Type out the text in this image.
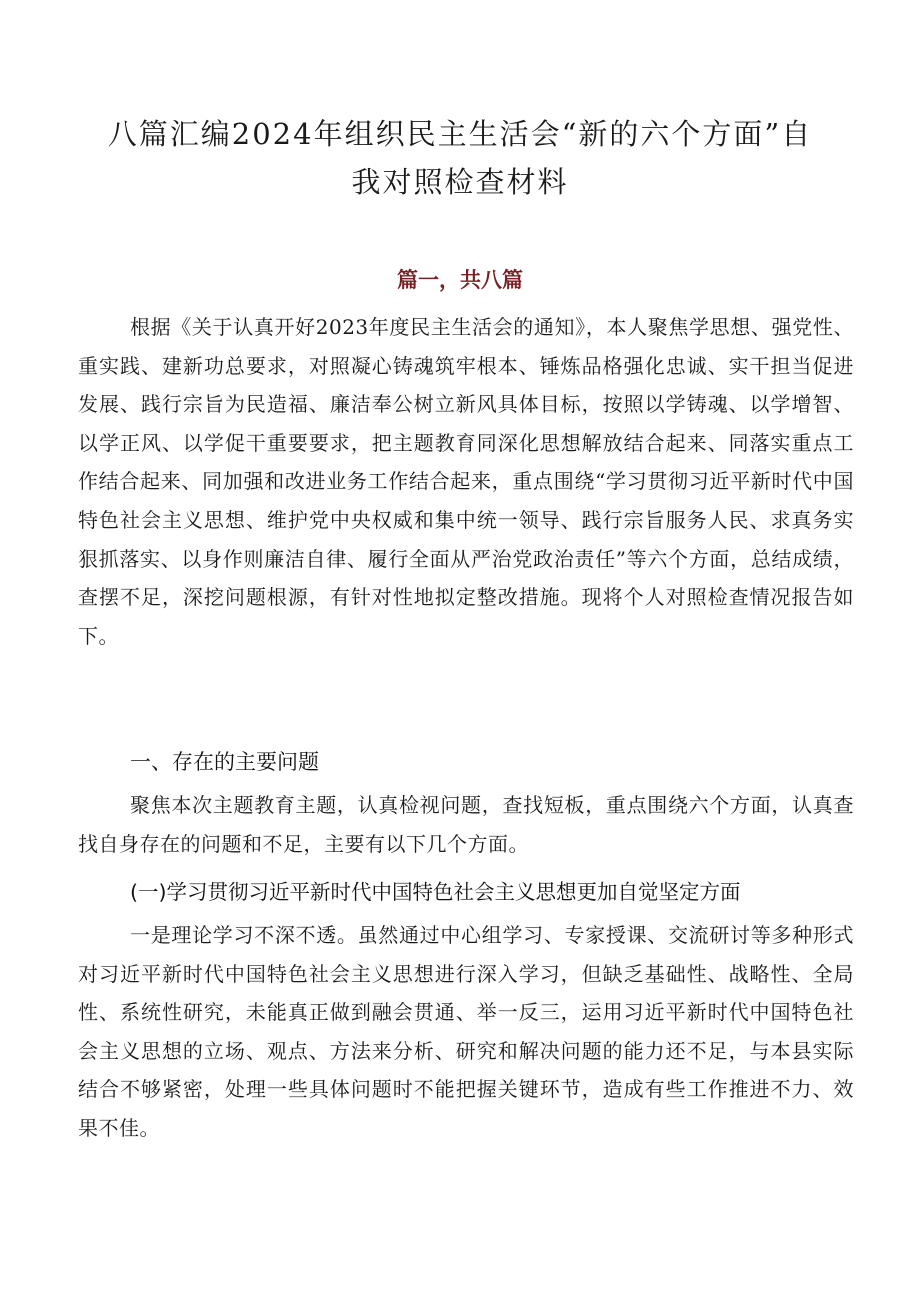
八篇汇编2024年组织民主生活会“新的六个方面”自
我对照检查材料
篇一，共八篇

根据《关于认真开好2023年度民主生活会的通知》，本人聚焦学思想、强党性、重实践、建新功总要求，对照凝心铸魂筑牢根本、锤炼品格强化忠诚、实干担当促进发展、践行宗旨为民造福、廉洁奉公树立新风具体目标，按照以学铸魂、以学增智、以学正风、以学促干重要要求，把主题教育同深化思想解放结合起来、同落实重点工作结合起来、同加强和改进业务工作结合起来，重点围绕“学习贯彻习近平新时代中国特色社会主义思想、维护党中央权威和集中统一领导、践行宗旨服务人民、求真务实狠抓落实、以身作则廉洁自律、履行全面从严治党政治责任”等六个方面，总结成绩，查摆不足，深挖问题根源，有针对性地拟定整改措施。现将个人对照检查情况报告如下。

一、存在的主要问题

聚焦本次主题教育主题，认真检视问题，查找短板，重点围绕六个方面，认真查找自身存在的问题和不足，主要有以下几个方面。

(一)学习贯彻习近平新时代中国特色社会主义思想更加自觉坚定方面

一是理论学习不深不透。虽然通过中心组学习、专家授课、交流研讨等多种形式对习近平新时代中国特色社会主义思想进行深入学习，但缺乏基础性、战略性、全局性、系统性研究，未能真正做到融会贯通、举一反三，运用习近平新时代中国特色社会主义思想的立场、观点、方法来分析、研究和解决问题的能力还不足，与本县实际结合不够紧密，处理一些具体问题时不能把握关键环节，造成有些工作推进不力、效果不佳。
